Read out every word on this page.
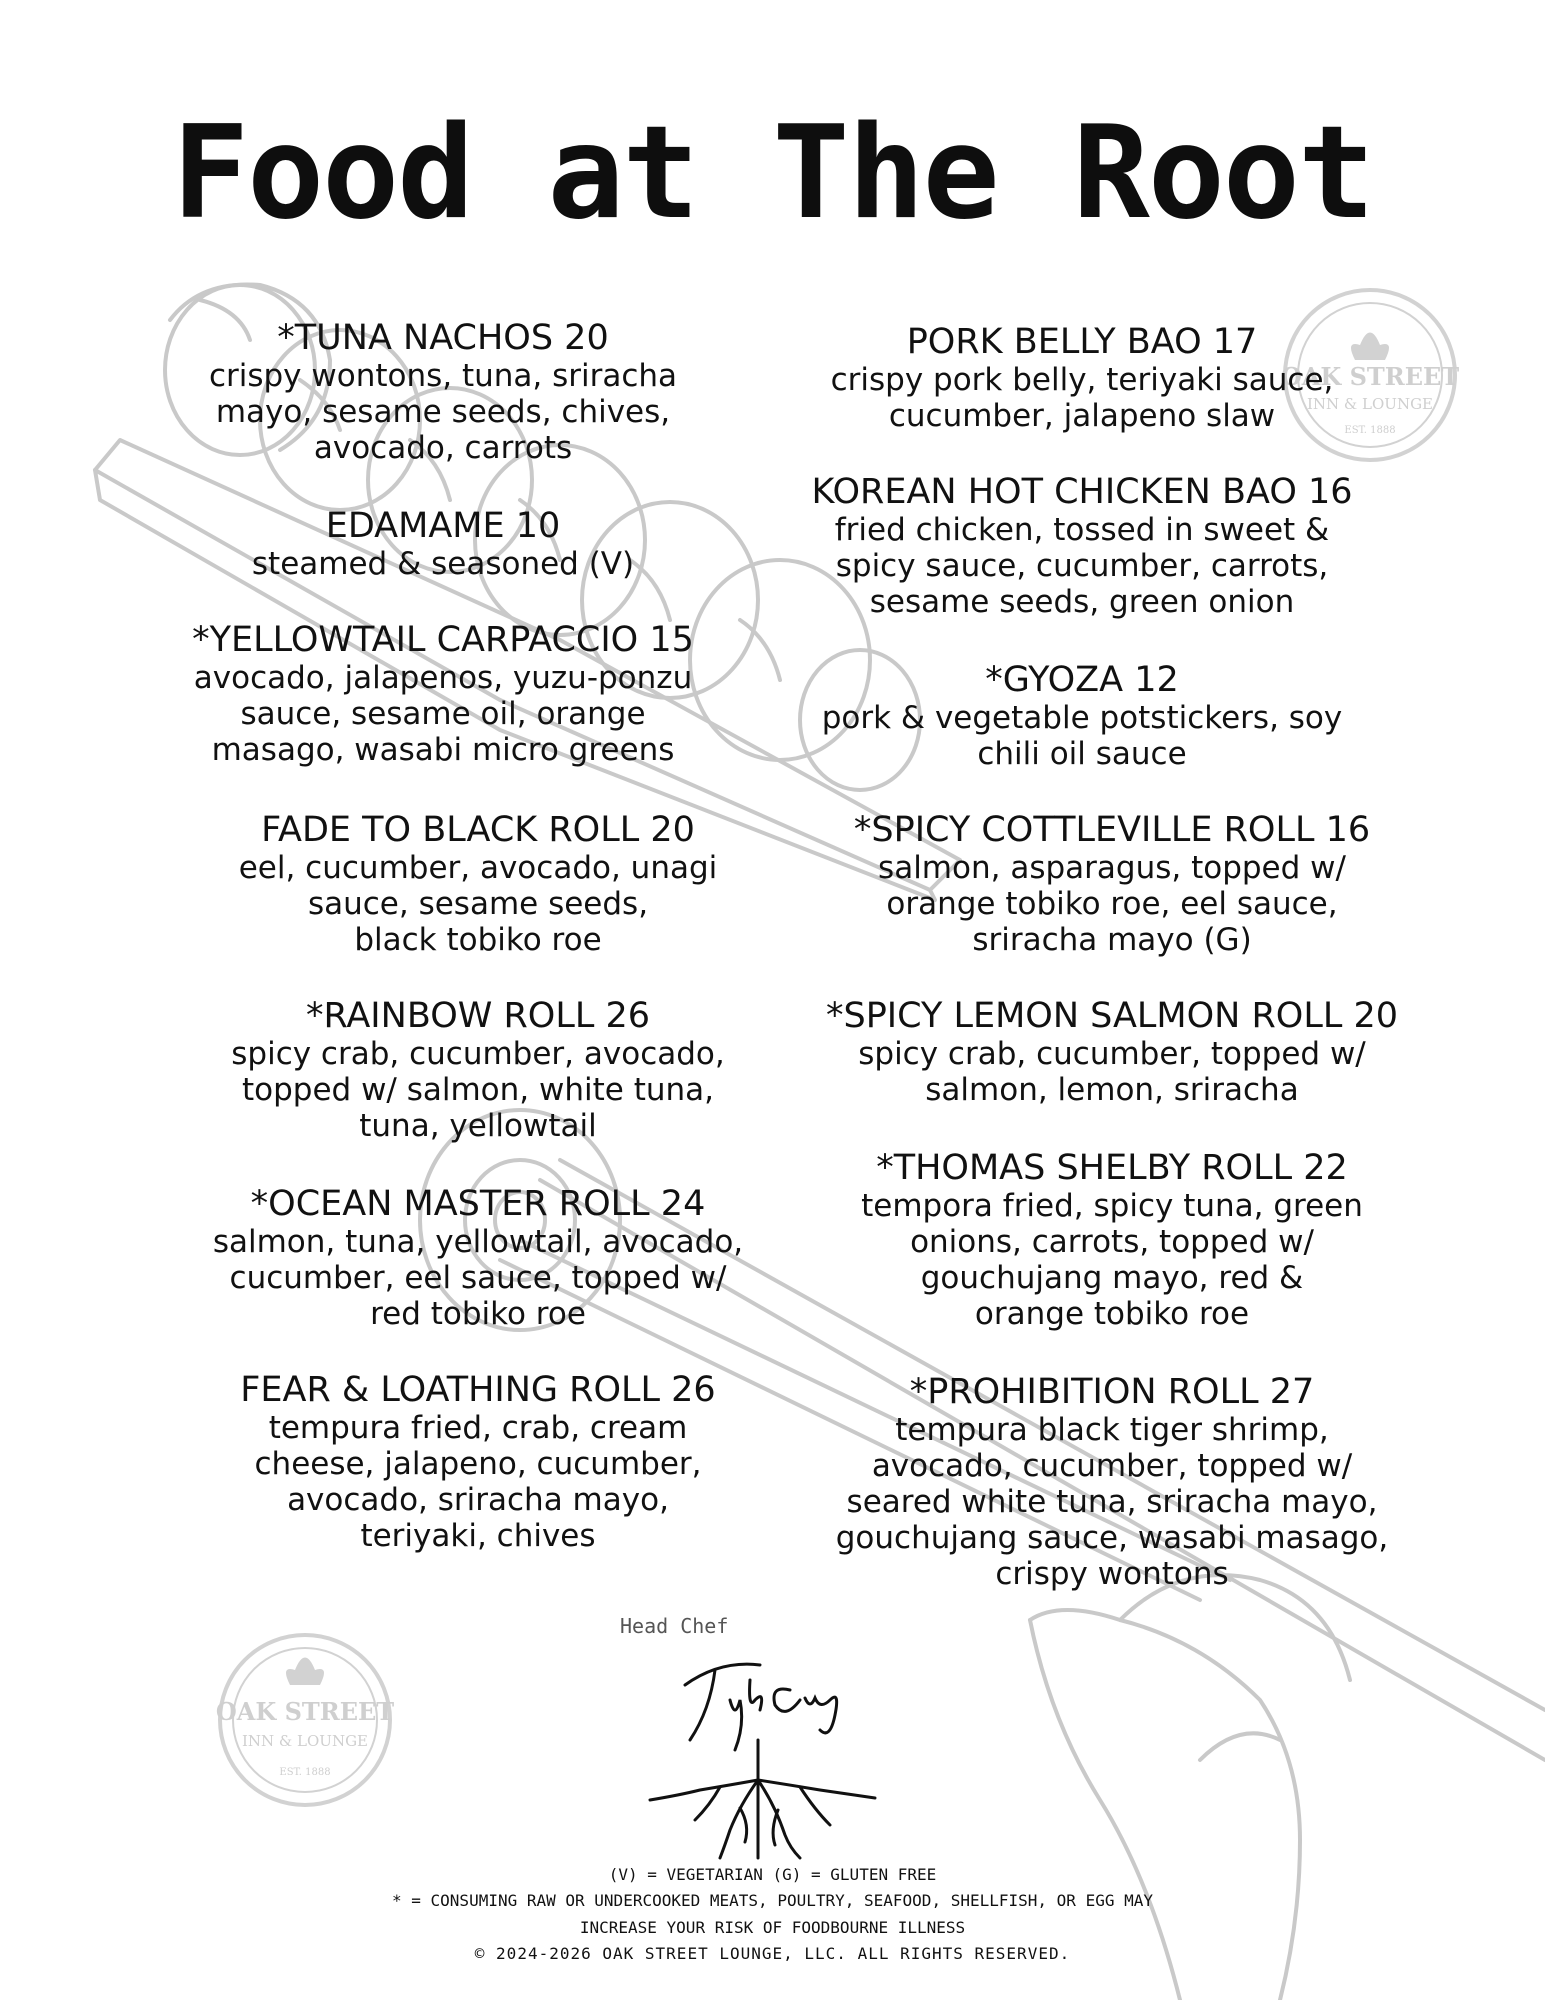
OAK STREET
INN & LOUNGE
EST. 1888
OAK STREET
INN & LOUNGE
EST. 1888
Food at The Root
*TUNA NACHOS 20
crispy wontons, tuna, sriracha
mayo, sesame seeds, chives,
avocado, carrots
EDAMAME 10
steamed & seasoned (V)
*YELLOWTAIL CARPACCIO 15
avocado, jalapenos, yuzu-ponzu
sauce, sesame oil, orange
masago, wasabi micro greens
FADE TO BLACK ROLL 20
eel, cucumber, avocado, unagi
sauce, sesame seeds,
black tobiko roe
*RAINBOW ROLL 26
spicy crab, cucumber, avocado,
topped w/ salmon, white tuna,
tuna, yellowtail
*OCEAN MASTER ROLL 24
salmon, tuna, yellowtail, avocado,
cucumber, eel sauce, topped w/
red tobiko roe
FEAR & LOATHING ROLL 26
tempura fried, crab, cream
cheese, jalapeno, cucumber,
avocado, sriracha mayo,
teriyaki, chives
PORK BELLY BAO 17
crispy pork belly, teriyaki sauce,
cucumber, jalapeno slaw
KOREAN HOT CHICKEN BAO 16
fried chicken, tossed in sweet &
spicy sauce, cucumber, carrots,
sesame seeds, green onion
*GYOZA 12
pork & vegetable potstickers, soy
chili oil sauce
*SPICY COTTLEVILLE ROLL 16
salmon, asparagus, topped w/
orange tobiko roe, eel sauce,
sriracha mayo (G)
*SPICY LEMON SALMON ROLL 20
spicy crab, cucumber, topped w/
salmon, lemon, sriracha
*THOMAS SHELBY ROLL 22
tempora fried, spicy tuna, green
onions, carrots, topped w/
gouchujang mayo, red &
orange tobiko roe
*PROHIBITION ROLL 27
tempura black tiger shrimp,
avocado, cucumber, topped w/
seared white tuna, sriracha mayo,
gouchujang sauce, wasabi masago,
crispy wontons
Head Chef
(V) = VEGETARIAN (G) = GLUTEN FREE
* = CONSUMING RAW OR UNDERCOOKED MEATS, POULTRY, SEAFOOD, SHELLFISH, OR EGG MAY
INCREASE YOUR RISK OF FOODBOURNE ILLNESS
© 2024-2026 OAK STREET LOUNGE, LLC. ALL RIGHTS RESERVED.
